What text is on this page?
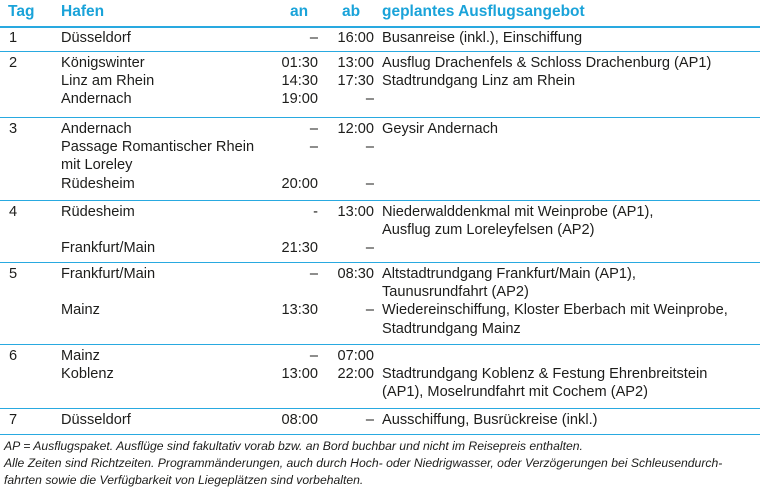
Tag Hafen	an ab geplantes Ausflugsangebot
1	Düsseldorf	– 16:00 Busanreise (inkl.), Einschiffung
2	Königswinter	01:30 13:00 Ausflug Drachenfels & Schloss Drachenburg (AP1)
Linz am Rhein	14:30 17:30 Stadtrundgang Linz am Rhein
Andernach	19:00	–
3	Andernach	– 12:00 Geysir Andernach
Passage Romantischer Rhein	–	–
mit Loreley
Rüdesheim	20:00	–
4	Rüdesheim	- 13:00 Niederwalddenkmal mit Weinprobe (AP1),
Ausflug zum Loreleyfelsen (AP2)
Frankfurt/Main	21:30	–
5	Frankfurt/Main	– 08:30 Altstadtrundgang Frankfurt/Main (AP1),
Taunusrundfahrt (AP2)
Mainz	13:30	– Wiedereinschiffung, Kloster Eberbach mit Weinprobe,
Stadtrundgang Mainz
6	Mainz	– 07:00
Koblenz	13:00 22:00 Stadtrundgang Koblenz & Festung Ehrenbreitstein
(AP1), Moselrundfahrt mit Cochem (AP2)
7	Düsseldorf	08:00	– Ausschiffung, Busrückreise (inkl.)
AP = Ausflugspaket. Ausflüge sind fakultativ vorab bzw. an Bord buchbar und nicht im Reisepreis enthalten.
Alle Zeiten sind Richtzeiten. Programmänderungen, auch durch Hoch- oder Niedrigwasser, oder Verzögerungen bei Schleusendurch-
fahrten sowie die Verfügbarkeit von Liegeplätzen sind vorbehalten.
